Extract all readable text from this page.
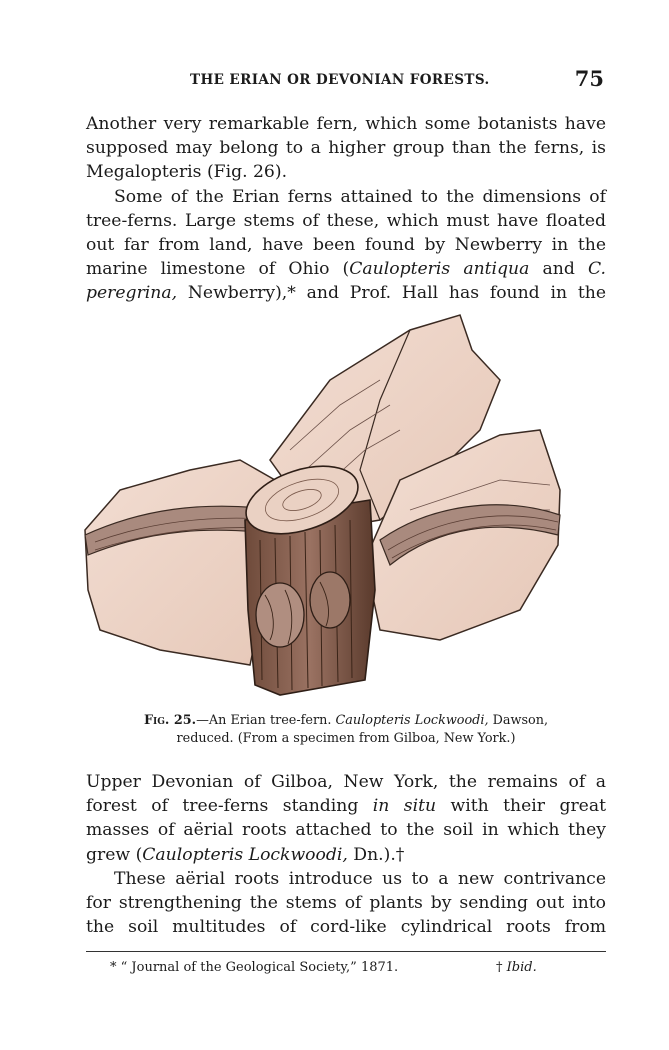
THE ERIAN OR DEVONIAN FORESTS.	75

Another very remarkable fern, which some botanists have
supposed may belong to a higher group than the ferns, is
Megalopteris (Fig. 26).

Some of the Erian ferns attained to the dimensions of
tree-ferns. Large stems of these, which must have floated
out far from land, have been found by Newberry in the
marine limestone of Ohio (Caulopteris antiqua and C.
peregrina, Newberry),* and Prof. Hall has found in the

Fig. 25.—An Erian tree-fern. Caulopteris Lockwoodi, Dawson,
reduced. (From a specimen from Gilboa, New York.)

Upper Devonian of Gilboa, New York, the remains of a
forest of tree-ferns standing in situ with their great
masses of aërial roots attached to the soil in which they
grew (Caulopteris Lockwoodi, Dn.).†

These aërial roots introduce us to a new contrivance
for strengthening the stems of plants by sending out into
the soil multitudes of cord-like cylindrical roots from

* “ Journal of the Geological Society,” 1871.	† Ibid.
